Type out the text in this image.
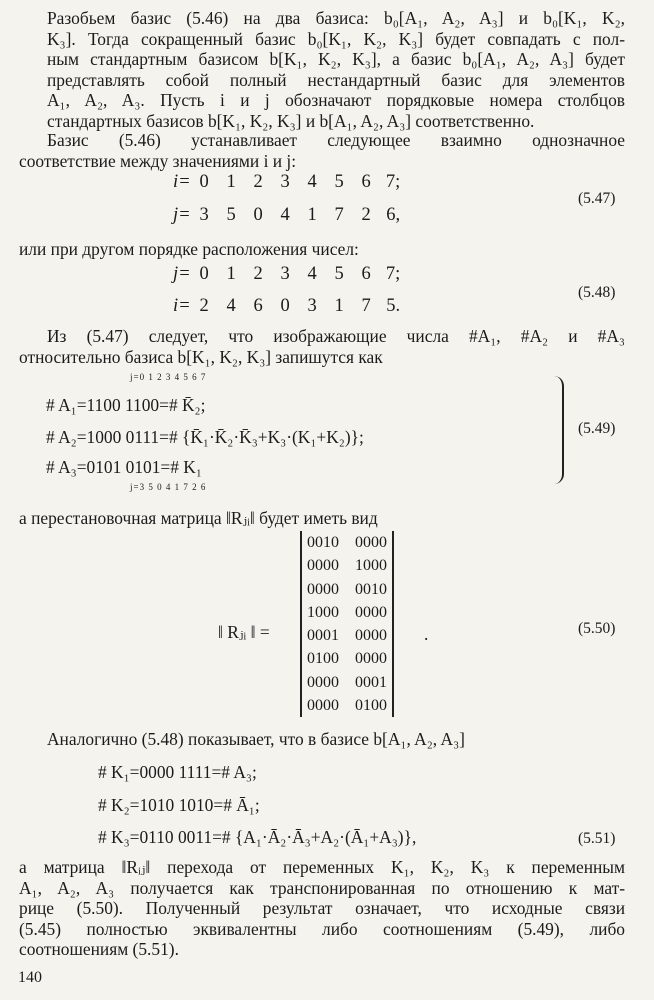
Разобьем базис (5.46) на два базиса: b₀[A₁, A₂, A₃] и b₀[K₁, K₂,
K₃]. Тогда сокращенный базис b₀[K₁, K₂, K₃] будет совпадать с пол-
ным стандартным базисом b[K₁, K₂, K₃], а базис b₀[A₁, A₂, A₃] будет
представлять собой полный нестандартный базис для элементов
A₁, A₂, A₃. Пусть i и j обозначают порядковые номера столбцов
стандартных базисов b[K₁, K₂, K₃] и b[A₁, A₂, A₃] соответственно.
Базис (5.46) устанавливает следующее взаимно однозначное
соответствие между значениями i и j:
i= 0 1 2 3 4 5 6 7;
j= 3 5 0 4 1 7 2 6,
(5.47)
или при другом порядке расположения чисел:
j= 0 1 2 3 4 5 6 7;
i= 2 4 6 0 3 1 7 5.
(5.48)
Из (5.47) следует, что изображающие числа #A₁, #A₂ и #A₃
относительно базиса b[K₁, K₂, K₃] запишутся как
j=0 1 2 3 4 5 6 7
# A₁=1100 1100=# K̄₂;
# A₂=1000 0111=# {K̄₁·K̄₂·K̄₃+K₃·(K₁+K₂)};
# A₃=0101 0101=# K₁
j=3 5 0 4 1 7 2 6
(5.49)
а перестановочная матрица ‖Rⱼᵢ‖ будет иметь вид
‖ Rⱼᵢ ‖ =
0010 0000
0000 1000
0000 0010
1000 0000
0001 0000
0100 0000
0000 0001
0000 0100
.	(5.50)
Аналогично (5.48) показывает, что в базисе b[A₁, A₂, A₃]
# K₁=0000 1111=# A₃;
# K₂=1010 1010=# Ā₁;
# K₃=0110 0011=# {A₁·Ā₂·Ā₃+A₂·(Ā₁+A₃)},	(5.51)
а матрица ‖Rᵢⱼ‖ перехода от переменных K₁, K₂, K₃ к переменным
A₁, A₂, A₃ получается как транспонированная по отношению к мат-
рице (5.50). Полученный результат означает, что исходные связи
(5.45) полностью эквивалентны либо соотношениям (5.49), либо
соотношениям (5.51).
140
